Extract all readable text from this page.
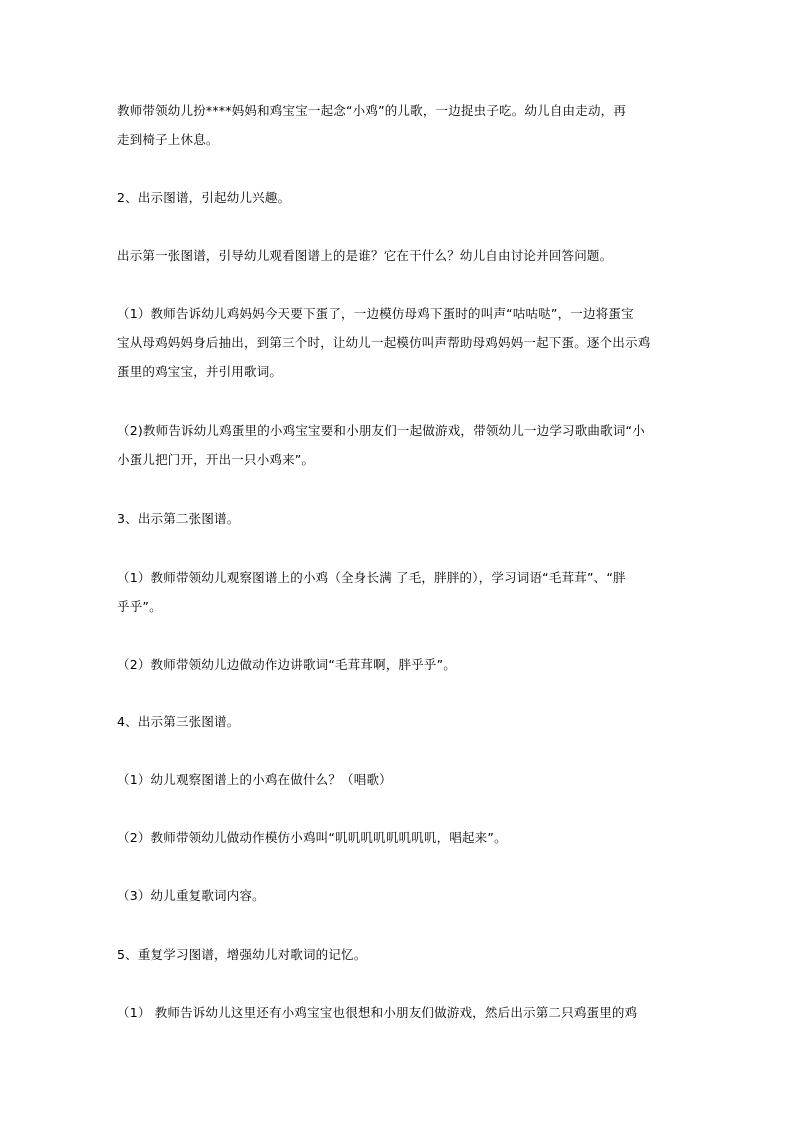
教师带领幼儿扮****妈妈和鸡宝宝一起念“小鸡”的儿歌，一边捉虫子吃。幼儿自由走动，再
走到椅子上休息。
2、出示图谱，引起幼儿兴趣。
出示第一张图谱，引导幼儿观看图谱上的是谁？它在干什么？幼儿自由讨论并回答问题。
（1）教师告诉幼儿鸡妈妈今天要下蛋了，一边模仿母鸡下蛋时的叫声“咕咕哒”，一边将蛋宝
宝从母鸡妈妈身后抽出，到第三个时，让幼儿一起模仿叫声帮助母鸡妈妈一起下蛋。逐个出示鸡
蛋里的鸡宝宝，并引用歌词。
（2)教师告诉幼儿鸡蛋里的小鸡宝宝要和小朋友们一起做游戏，带领幼儿一边学习歌曲歌词“小
小蛋儿把门开，开出一只小鸡来”。
3、出示第二张图谱。
（1）教师带领幼儿观察图谱上的小鸡（全身长满 了毛，胖胖的），学习词语“毛茸茸”、“胖
乎乎”。
（2）教师带领幼儿边做动作边讲歌词“毛茸茸啊，胖乎乎”。
4、出示第三张图谱。
（1）幼儿观察图谱上的小鸡在做什么？（唱歌）
（2）教师带领幼儿做动作模仿小鸡叫“叽叽叽叽叽叽叽叽，唱起来”。
（3）幼儿重复歌词内容。
5、重复学习图谱，增强幼儿对歌词的记忆。
（1） 教师告诉幼儿这里还有小鸡宝宝也很想和小朋友们做游戏，然后出示第二只鸡蛋里的鸡
